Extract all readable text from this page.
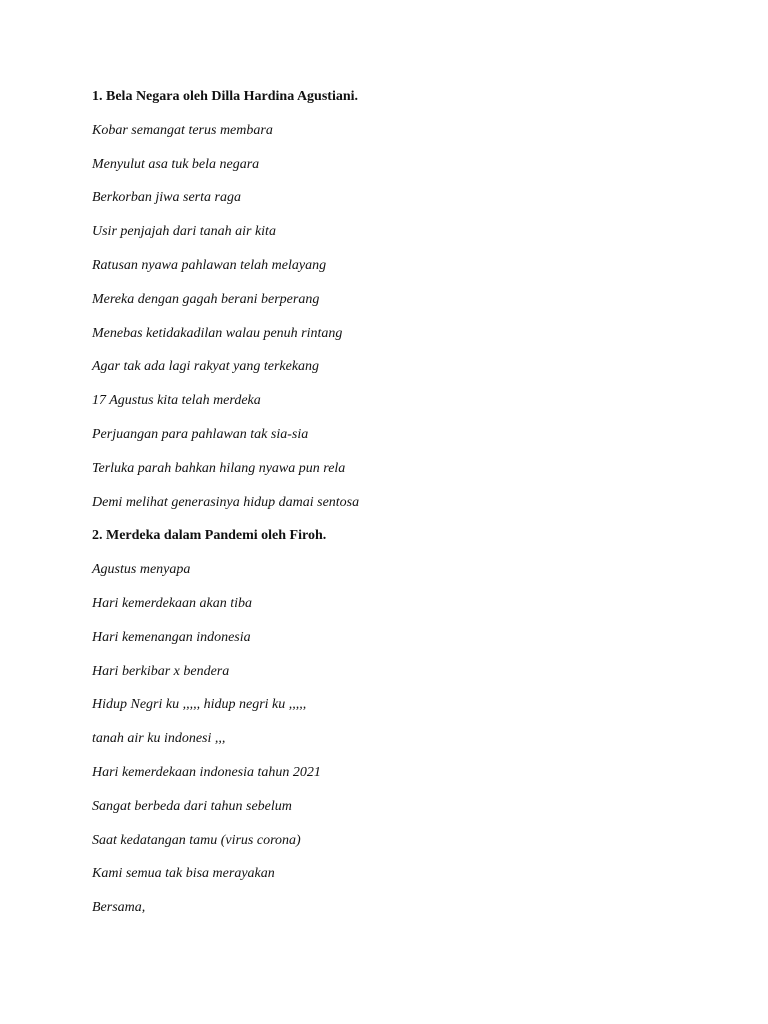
1. Bela Negara oleh Dilla Hardina Agustiani.
Kobar semangat terus membara
Menyulut asa tuk bela negara
Berkorban jiwa serta raga
Usir penjajah dari tanah air kita
Ratusan nyawa pahlawan telah melayang
Mereka dengan gagah berani berperang
Menebas ketidakadilan walau penuh rintang
Agar tak ada lagi rakyat yang terkekang
17 Agustus kita telah merdeka
Perjuangan para pahlawan tak sia-sia
Terluka parah bahkan hilang nyawa pun rela
Demi melihat generasinya hidup damai sentosa
2. Merdeka dalam Pandemi oleh Firoh.
Agustus menyapa
Hari kemerdekaan akan tiba
Hari kemenangan indonesia
Hari berkibar x bendera
Hidup Negri ku ,,,,, hidup negri ku ,,,,,
tanah air ku indonesi ,,,
Hari kemerdekaan indonesia tahun 2021
Sangat berbeda dari tahun sebelum
Saat kedatangan tamu (virus corona)
Kami semua tak bisa merayakan
Bersama,
